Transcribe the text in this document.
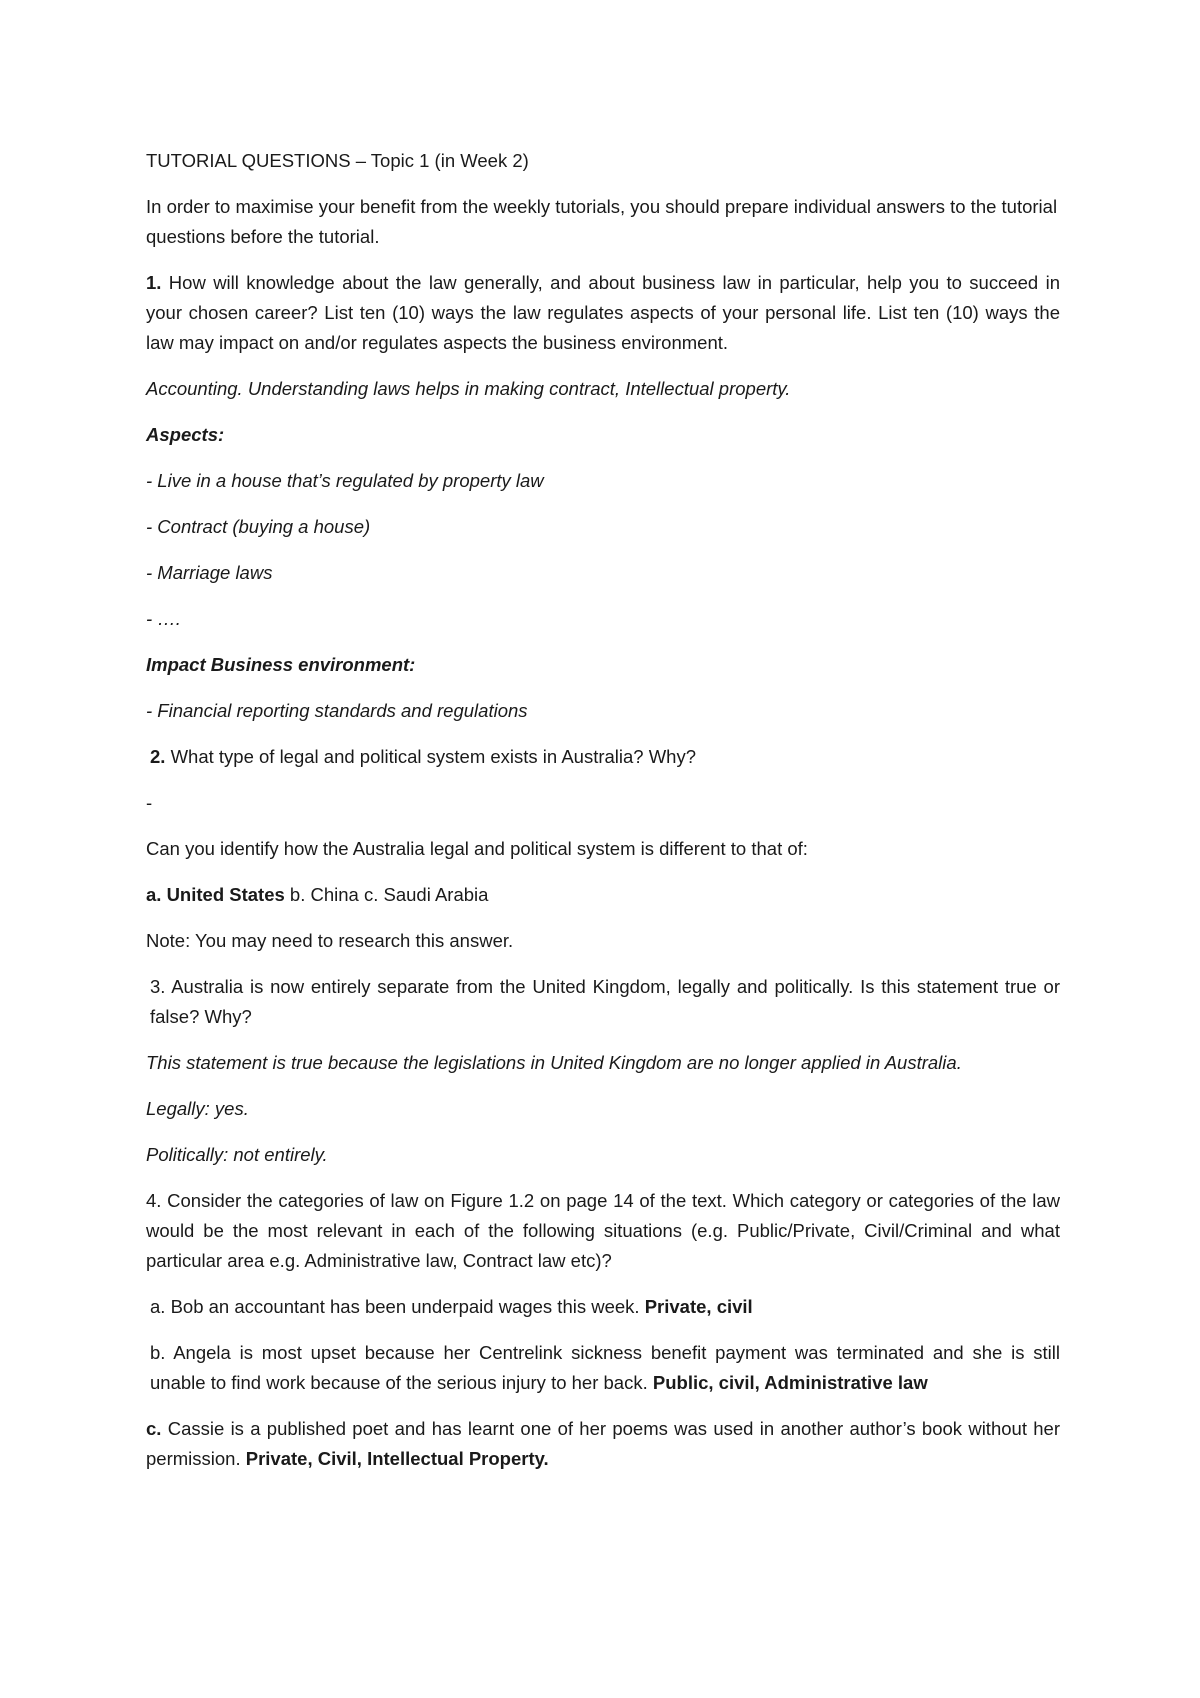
TUTORIAL QUESTIONS – Topic 1 (in Week 2)

In order to maximise your benefit from the weekly tutorials, you should prepare individual answers to the tutorial questions before the tutorial.

1. How will knowledge about the law generally, and about business law in particular, help you to succeed in your chosen career? List ten (10) ways the law regulates aspects of your personal life. List ten (10) ways the law may impact on and/or regulates aspects the business environment.

Accounting. Understanding laws helps in making contract, Intellectual property.

Aspects:

- Live in a house that’s regulated by property law

- Contract (buying a house)

- Marriage laws

- ….

Impact Business environment:

- Financial reporting standards and regulations

2. What type of legal and political system exists in Australia? Why?

-

Can you identify how the Australia legal and political system is different to that of:

a. United States b. China c. Saudi Arabia

Note: You may need to research this answer.

3. Australia is now entirely separate from the United Kingdom, legally and politically. Is this statement true or false? Why?

This statement is true because the legislations in United Kingdom are no longer applied in Australia.

Legally: yes.

Politically: not entirely.

4. Consider the categories of law on Figure 1.2 on page 14 of the text. Which category or categories of the law would be the most relevant in each of the following situations (e.g. Public/Private, Civil/Criminal and what particular area e.g. Administrative law, Contract law etc)?

a. Bob an accountant has been underpaid wages this week. Private, civil

b. Angela is most upset because her Centrelink sickness benefit payment was terminated and she is still unable to find work because of the serious injury to her back. Public, civil, Administrative law

c. Cassie is a published poet and has learnt one of her poems was used in another author’s book without her permission. Private, Civil, Intellectual Property.
